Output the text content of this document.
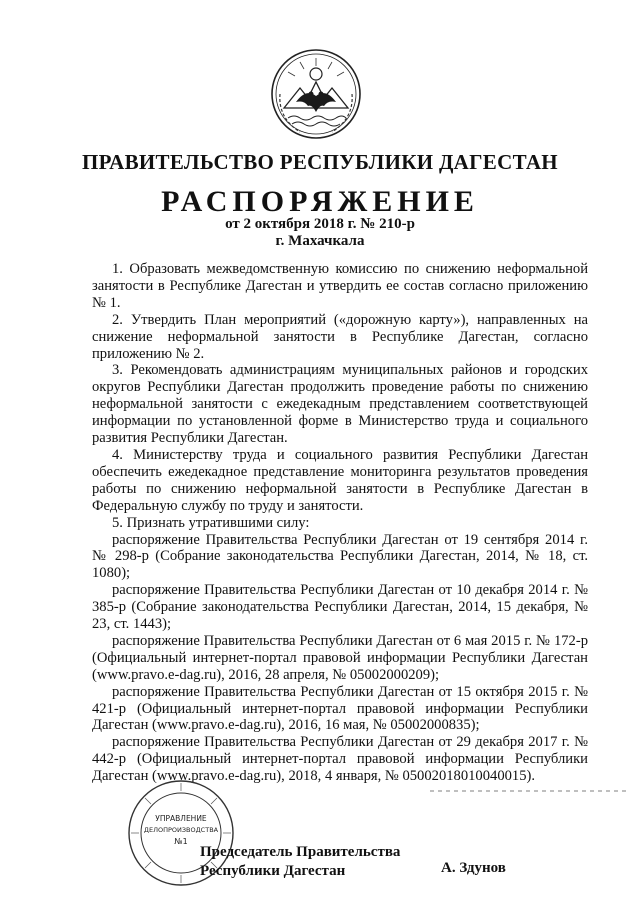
ПРАВИТЕЛЬСТВО РЕСПУБЛИКИ ДАГЕСТАН
РАСПОРЯЖЕНИЕ
от 2 октября 2018 г. № 210-р
г. Махачкала

1. Образовать межведомственную комиссию по снижению неформальной занятости в Республике Дагестан и утвердить ее состав согласно приложению № 1.

2. Утвердить План мероприятий («дорожную карту»), направленных на снижение неформальной занятости в Республике Дагестан, согласно приложению № 2.

3. Рекомендовать администрациям муниципальных районов и городских округов Республики Дагестан продолжить проведение работы по снижению неформальной занятости с ежедекадным представлением соответствующей информации по установленной форме в Министерство труда и социального развития Республики Дагестан.

4. Министерству труда и социального развития Республики Дагестан обеспечить ежедекадное представление мониторинга результатов проведения работы по снижению неформальной занятости в Республике Дагестан в Федеральную службу по труду и занятости.

5. Признать утратившими силу:

распоряжение Правительства Республики Дагестан от 19 сентября 2014 г. № 298-р (Собрание законодательства Республики Дагестан, 2014, № 18, ст. 1080);

распоряжение Правительства Республики Дагестан от 10 декабря 2014 г. № 385-р (Собрание законодательства Республики Дагестан, 2014, 15 декабря, № 23, ст. 1443);

распоряжение Правительства Республики Дагестан от 6 мая 2015 г. № 172-р (Официальный интернет-портал правовой информации Республики Дагестан (www.pravo.e-dag.ru), 2016, 28 апреля, № 05002000209);

распоряжение Правительства Республики Дагестан от 15 октября 2015 г. № 421-р (Официальный интернет-портал правовой информации Республики Дагестан (www.pravo.e-dag.ru), 2016, 16 мая, № 05002000835);

распоряжение Правительства Республики Дагестан от 29 декабря 2017 г. № 442-р (Официальный интернет-портал правовой информации Республики Дагестан (www.pravo.e-dag.ru), 2018, 4 января, № 05002018010040015).

УПРАВЛЕНИЕ
ДЕЛОПРОИЗВОДСТВА
№1
Председатель Правительства
Республики Дагестан	А. Здунов
